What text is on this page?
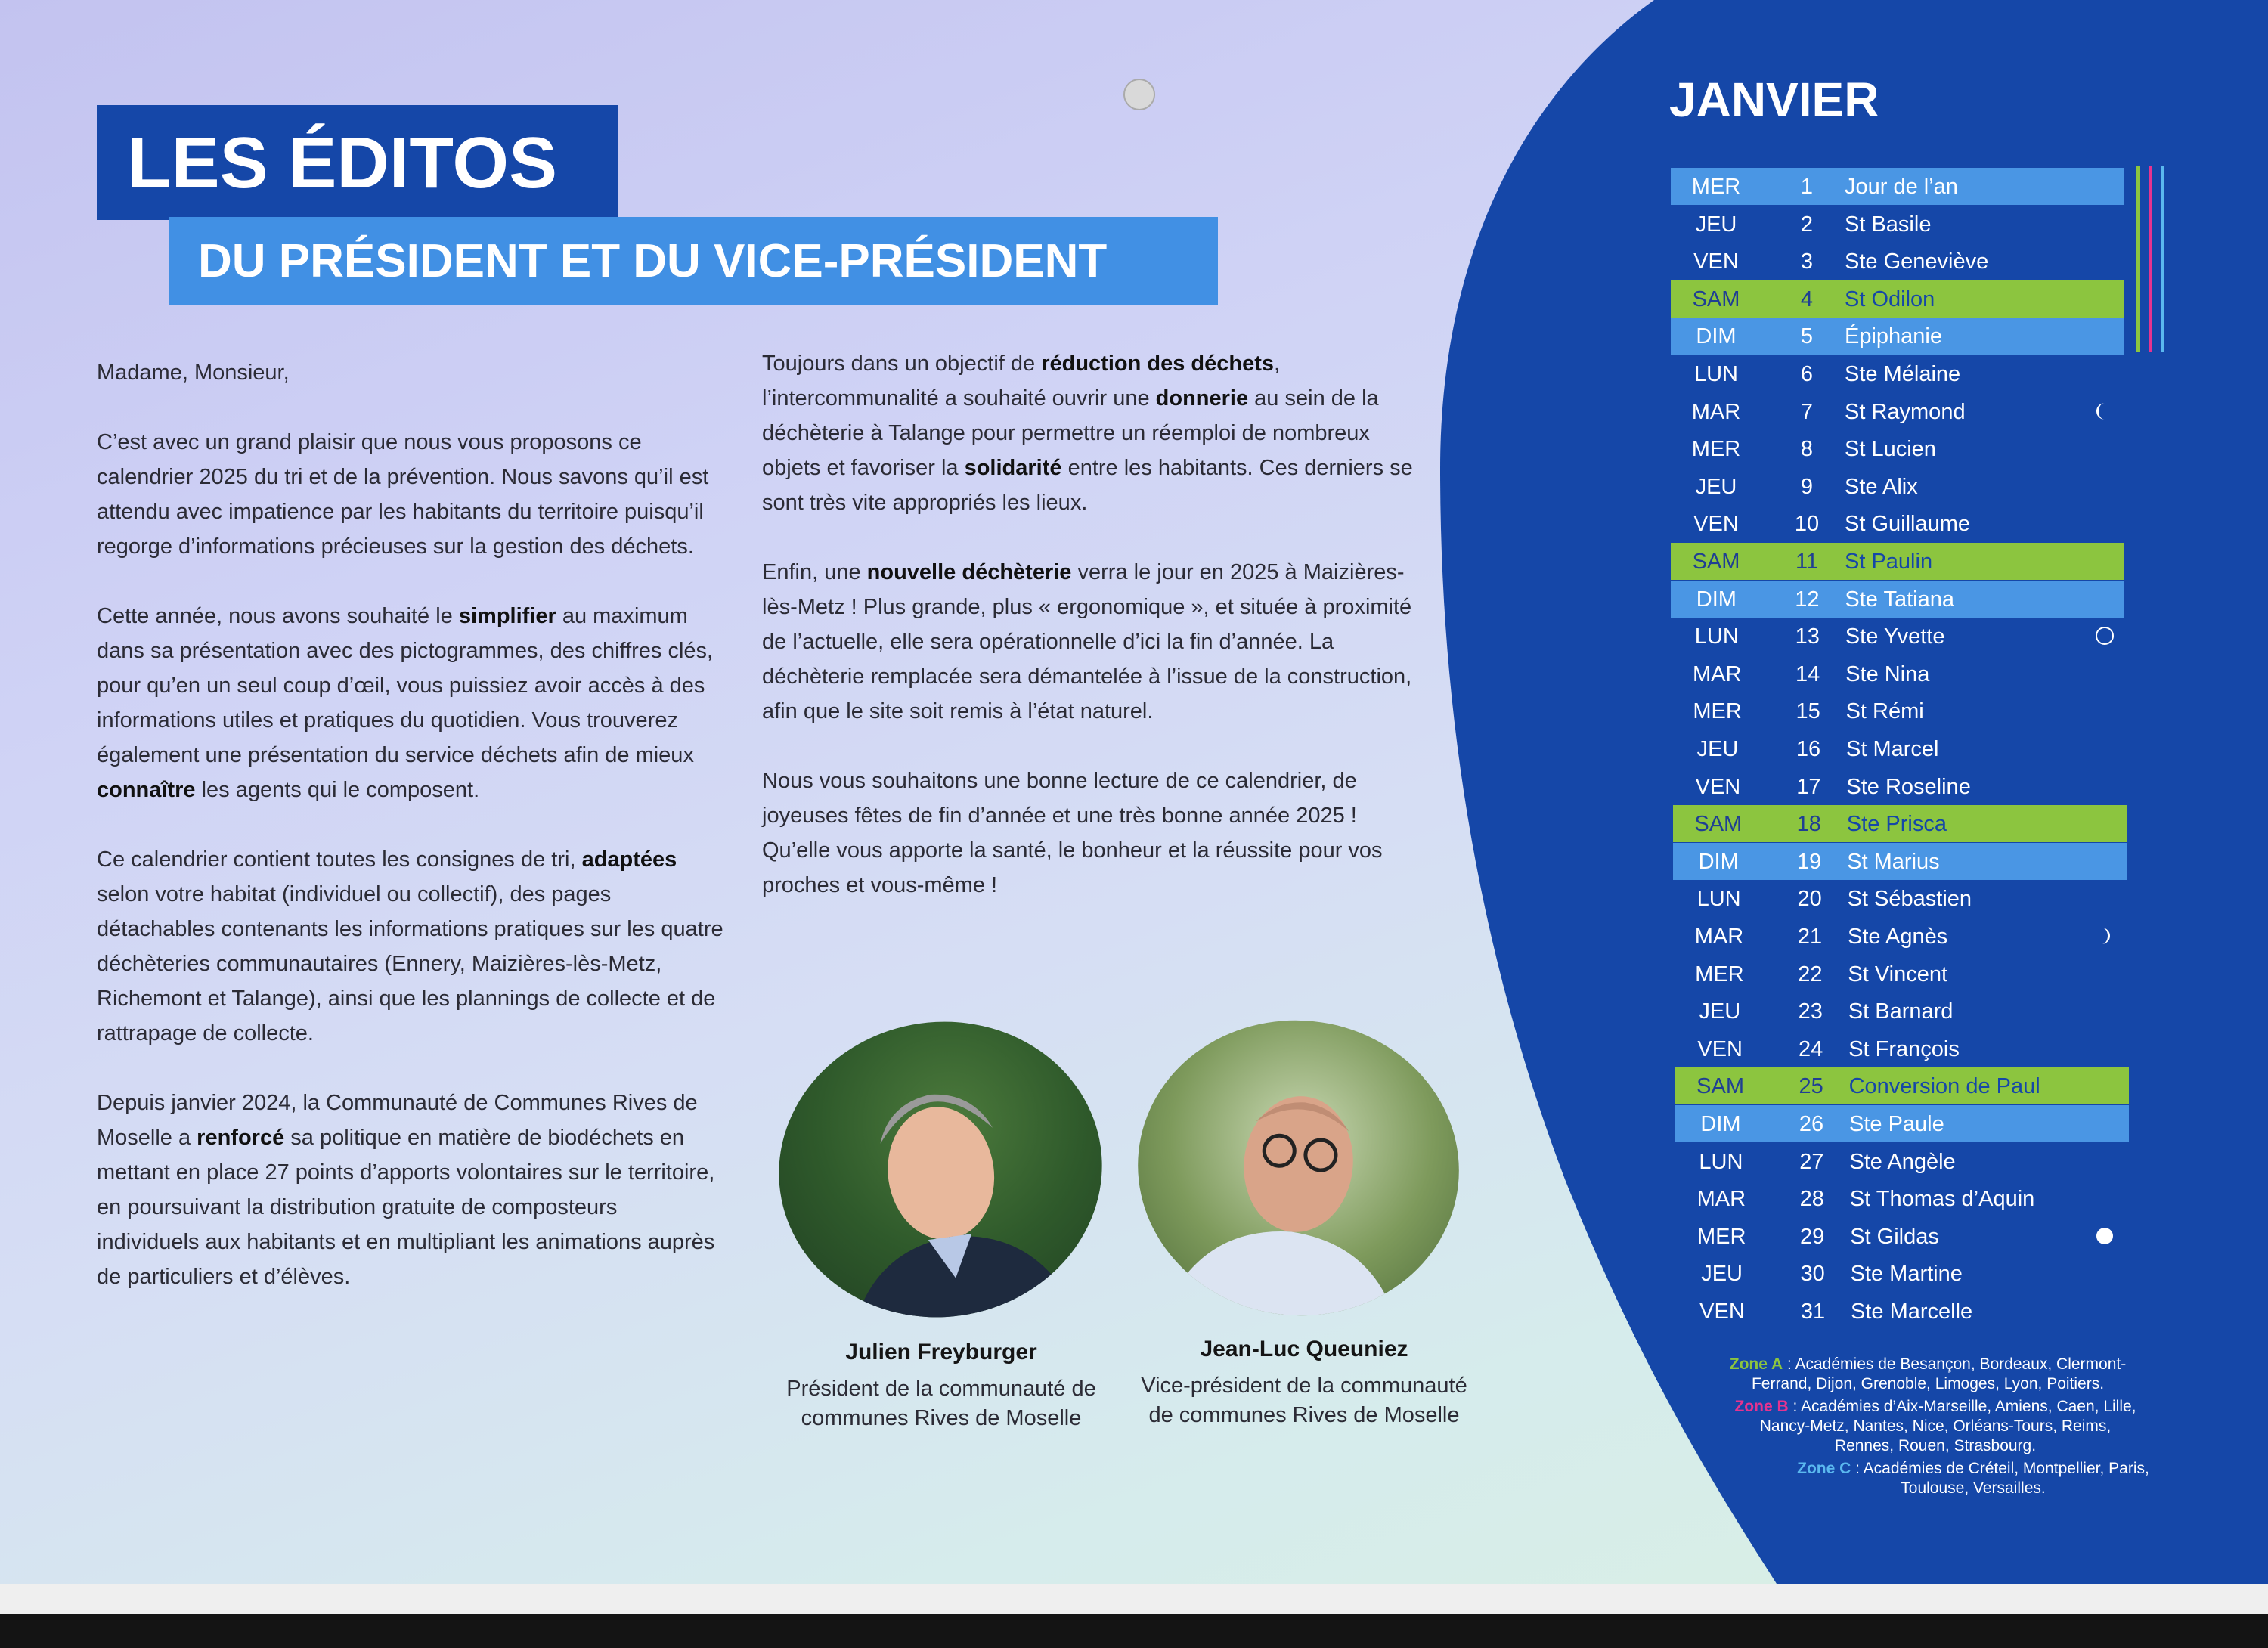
LES ÉDITOS
DU PRÉSIDENT ET DU VICE-PRÉSIDENT

Madame, Monsieur,

C’est avec un grand plaisir que nous vous proposons ce calendrier 2025 du tri et de la prévention. Nous savons qu’il est attendu avec impatience par les habitants du territoire puisqu’il regorge d’informations précieuses sur la gestion des déchets.

Cette année, nous avons souhaité le simplifier au maximum dans sa présentation avec des pictogrammes, des chiffres clés, pour qu’en un seul coup d’œil, vous puissiez avoir accès à des informations utiles et pratiques du quotidien. Vous trouverez également une présentation du service déchets afin de mieux connaître les agents qui le composent.

Ce calendrier contient toutes les consignes de tri, adaptées selon votre habitat (individuel ou collectif), des pages détachables contenants les informations pratiques sur les quatre déchèteries communautaires (Ennery, Maizières-lès-Metz, Richemont et Talange), ainsi que les plannings de collecte et de rattrapage de collecte.

Depuis janvier 2024, la Communauté de Communes Rives de Moselle a renforcé sa politique en matière de biodéchets en mettant en place 27 points d’apports volontaires sur le territoire, en poursuivant la distribution gratuite de composteurs individuels aux habitants et en multipliant les animations auprès de particuliers et d’élèves.

Toujours dans un objectif de réduction des déchets, l’intercommunalité a souhaité ouvrir une donnerie au sein de la déchèterie à Talange pour permettre un réemploi de nombreux objets et favoriser la solidarité entre les habitants. Ces derniers se sont très vite appropriés les lieux.

Enfin, une nouvelle déchèterie verra le jour en 2025 à Maizières-lès-Metz ! Plus grande, plus « ergonomique », et située à proximité de l’actuelle, elle sera opérationnelle d’ici la fin d’année. La déchèterie remplacée sera démantelée à l’issue de la construction, afin que le site soit remis à l’état naturel.

Nous vous souhaitons une bonne lecture de ce calendrier, de joyeuses fêtes de fin d’année et une très bonne année 2025 ! Qu’elle vous apporte la santé, le bonheur et la réussite pour vos proches et vous-même !

Julien Freyburger
Président de la communauté de communes Rives de Moselle
Jean-Luc Queuniez
Vice-président de la communauté de communes Rives de Moselle
JANVIER
MER	1	Jour de l’an
JEU	2	St Basile
VEN	3	Ste Geneviève
SAM	4	St Odilon
DIM	5	Épiphanie
LUN	6	Ste Mélaine
MAR	7	St Raymond
MER	8	St Lucien
JEU	9	Ste Alix
VEN	10	St Guillaume
SAM	11	St Paulin
DIM	12	Ste Tatiana
LUN	13	Ste Yvette
MAR	14	Ste Nina
MER	15	St Rémi
JEU	16	St Marcel
VEN	17	Ste Roseline
SAM	18	Ste Prisca
DIM	19	St Marius
LUN	20	St Sébastien
MAR	21	Ste Agnès
MER	22	St Vincent
JEU	23	St Barnard
VEN	24	St François
SAM	25	Conversion de Paul
DIM	26	Ste Paule
LUN	27	Ste Angèle
MAR	28	St Thomas d’Aquin
MER	29	St Gildas
JEU	30	Ste Martine
VEN	31	Ste Marcelle
Zone A : Académies de Besançon, Bordeaux, Clermont-Ferrand, Dijon, Grenoble, Limoges, Lyon, Poitiers.
Zone B : Académies d’Aix-Marseille, Amiens, Caen, Lille, Nancy-Metz, Nantes, Nice, Orléans-Tours, Reims, Rennes, Rouen, Strasbourg.
Zone C : Académies de Créteil, Montpellier, Paris, Toulouse, Versailles.
